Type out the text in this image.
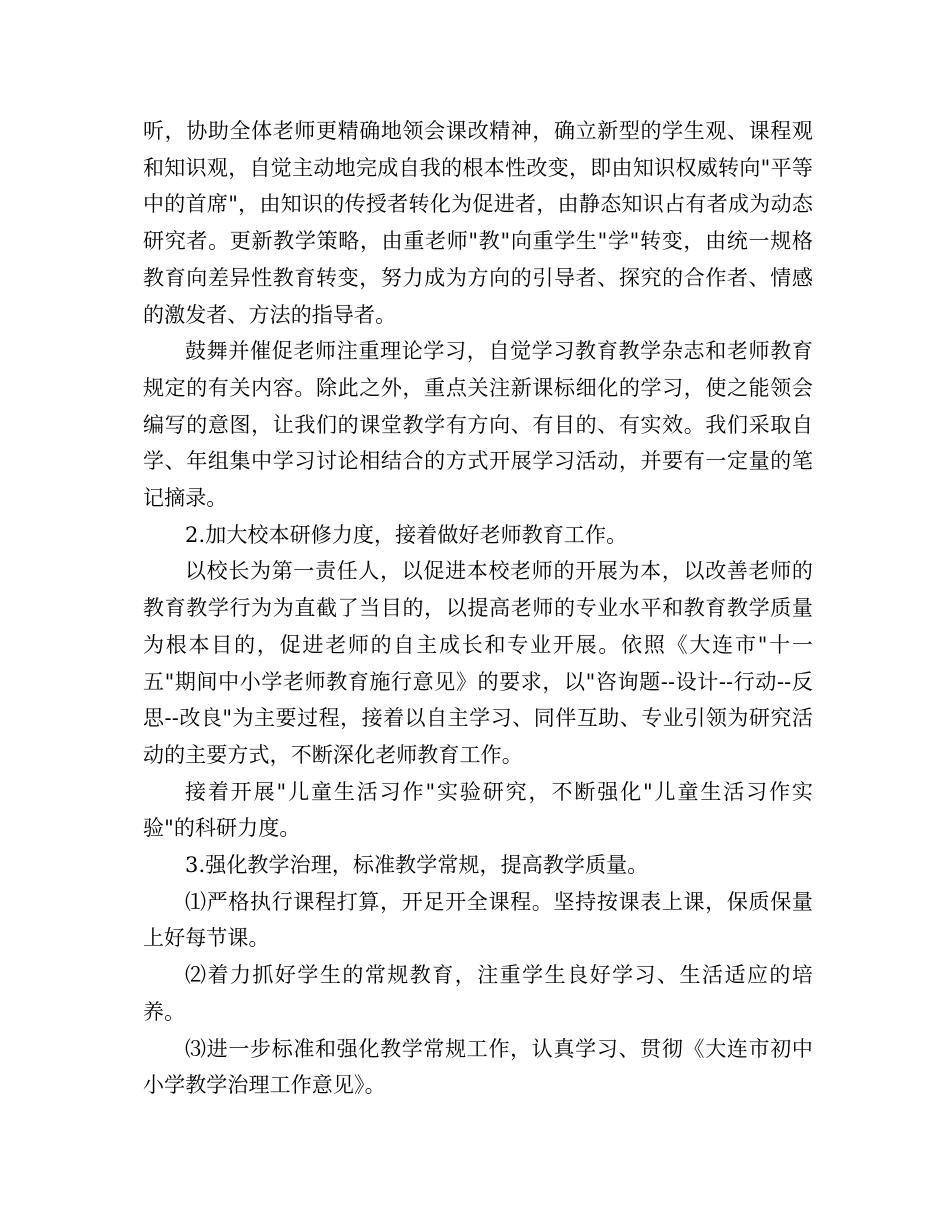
听，协助全体老师更精确地领会课改精神，确立新型的学生观、课程观和知识观，自觉主动地完成自我的根本性改变，即由知识权威转向"平等中的首席"，由知识的传授者转化为促进者，由静态知识占有者成为动态研究者。更新教学策略，由重老师"教"向重学生"学"转变，由统一规格教育向差异性教育转变，努力成为方向的引导者、探究的合作者、情感的激发者、方法的指导者。

鼓舞并催促老师注重理论学习，自觉学习教育教学杂志和老师教育规定的有关内容。除此之外，重点关注新课标细化的学习，使之能领会编写的意图，让我们的课堂教学有方向、有目的、有实效。我们采取自学、年组集中学习讨论相结合的方式开展学习活动，并要有一定量的笔记摘录。

2.加大校本研修力度，接着做好老师教育工作。

以校长为第一责任人，以促进本校老师的开展为本，以改善老师的教育教学行为为直截了当目的，以提高老师的专业水平和教育教学质量为根本目的，促进老师的自主成长和专业开展。依照《大连市"十一五"期间中小学老师教育施行意见》的要求，以"咨询题--设计--行动--反思--改良"为主要过程，接着以自主学习、同伴互助、专业引领为研究活动的主要方式，不断深化老师教育工作。

接着开展"儿童生活习作"实验研究，不断强化"儿童生活习作实验"的科研力度。

3.强化教学治理，标准教学常规，提高教学质量。

⑴严格执行课程打算，开足开全课程。坚持按课表上课，保质保量上好每节课。

⑵着力抓好学生的常规教育，注重学生良好学习、生活适应的培养。

⑶进一步标准和强化教学常规工作，认真学习、贯彻《大连市初中小学教学治理工作意见》。
